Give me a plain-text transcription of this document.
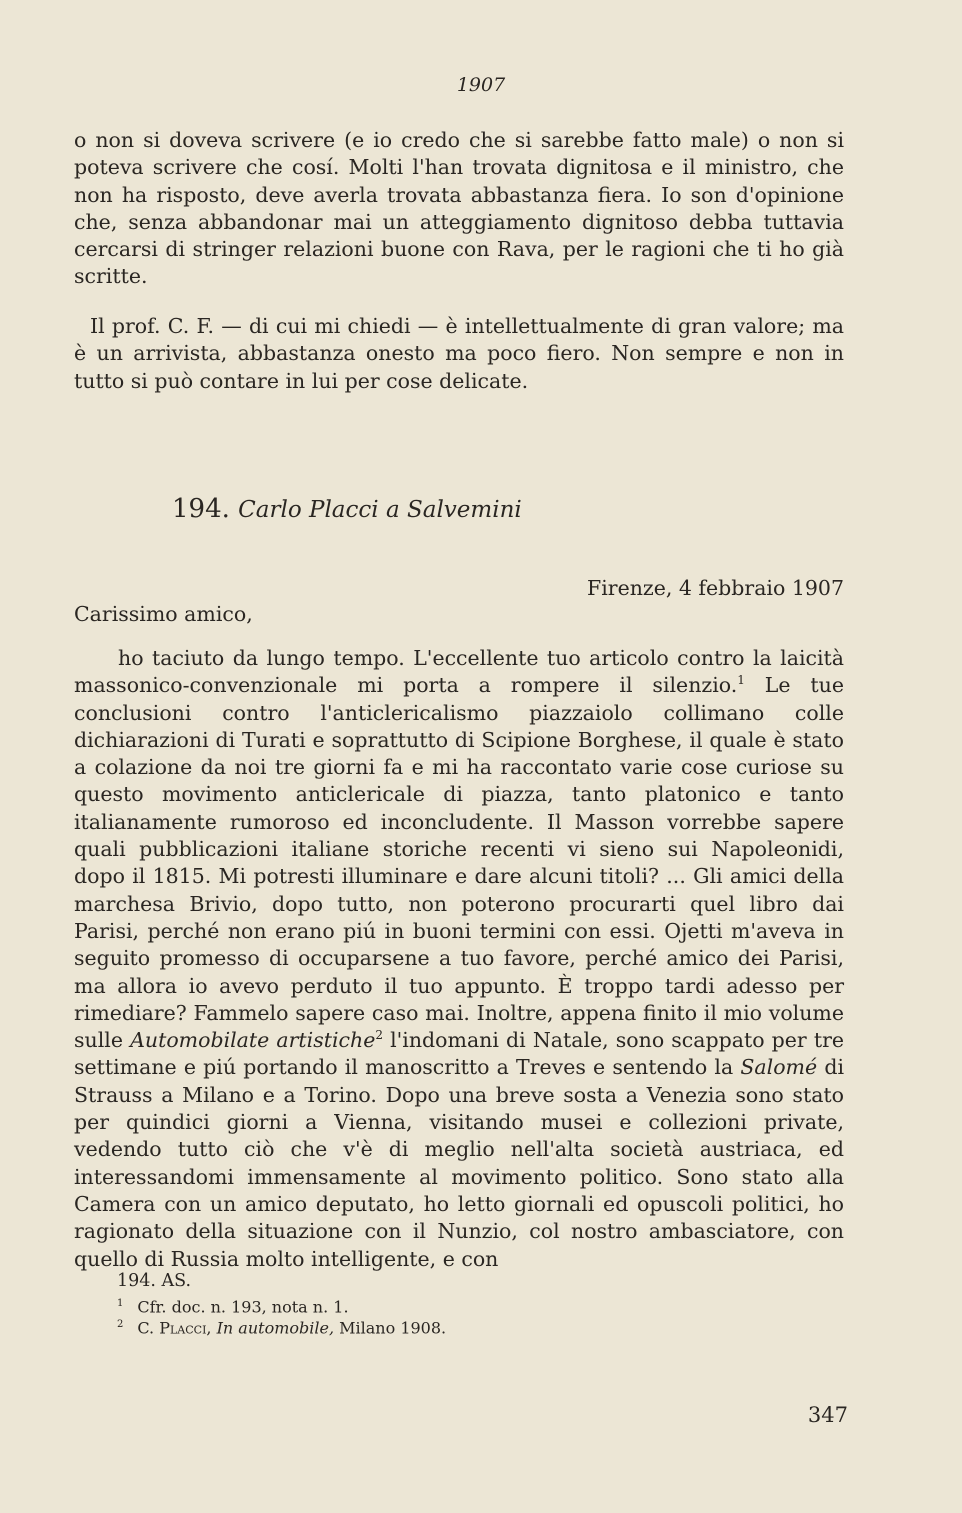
1907

o non si doveva scrivere (e io credo che si sarebbe fatto male) o non si poteva scrivere che cosí. Molti l'han trovata dignitosa e il ministro, che non ha risposto, deve averla trovata abbastanza fiera. Io son d'opinione che, senza abbandonar mai un atteggiamento dignitoso debba tuttavia cercarsi di stringer relazioni buone con Rava, per le ragioni che ti ho già scritte.

Il prof. C. F. — di cui mi chiedi — è intellettualmente di gran valore; ma è un arrivista, abbastanza onesto ma poco fiero. Non sempre e non in tutto si può contare in lui per cose delicate.

194. Carlo Placci a Salvemini
Firenze, 4 febbraio 1907
Carissimo amico,

ho taciuto da lungo tempo. L'eccellente tuo articolo contro la laicità massonico-convenzionale mi porta a rompere il silenzio.$^1$ Le tue conclusioni contro l'anticlericalismo piazzaiolo collimano colle dichiarazioni di Turati e soprattutto di Scipione Borghese, il quale è stato a colazione da noi tre giorni fa e mi ha raccontato varie cose curiose su questo movimento anticlericale di piazza, tanto platonico e tanto italianamente rumoroso ed inconcludente. Il Masson vorrebbe sapere quali pubblicazioni italiane storiche recenti vi sieno sui Napoleonidi, dopo il 1815. Mi potresti illuminare e dare alcuni titoli? ... Gli amici della marchesa Brivio, dopo tutto, non poterono procurarti quel libro dai Parisi, perché non erano piú in buoni termini con essi. Ojetti m'aveva in seguito promesso di occuparsene a tuo favore, perché amico dei Parisi, ma allora io avevo perduto il tuo appunto. È troppo tardi adesso per rimediare? Fammelo sapere caso mai. Inoltre, appena finito il mio volume sulle Automobilate artistiche$^2$ l'indomani di Natale, sono scappato per tre settimane e piú portando il manoscritto a Treves e sentendo la Salomé di Strauss a Milano e a Torino. Dopo una breve sosta a Venezia sono stato per quindici giorni a Vienna, visitando musei e collezioni private, vedendo tutto ciò che v'è di meglio nell'alta società austriaca, ed interessandomi immensamente al movimento politico. Sono stato alla Camera con un amico deputato, ho letto giornali ed opuscoli politici, ho ragionato della situazione con il Nunzio, col nostro ambasciatore, con quello di Russia molto intelligente, e con

194. AS.
$^1$ Cfr. doc. n. 193, nota n. 1.
$^2$ C. Placci, In automobile, Milano 1908.
347
